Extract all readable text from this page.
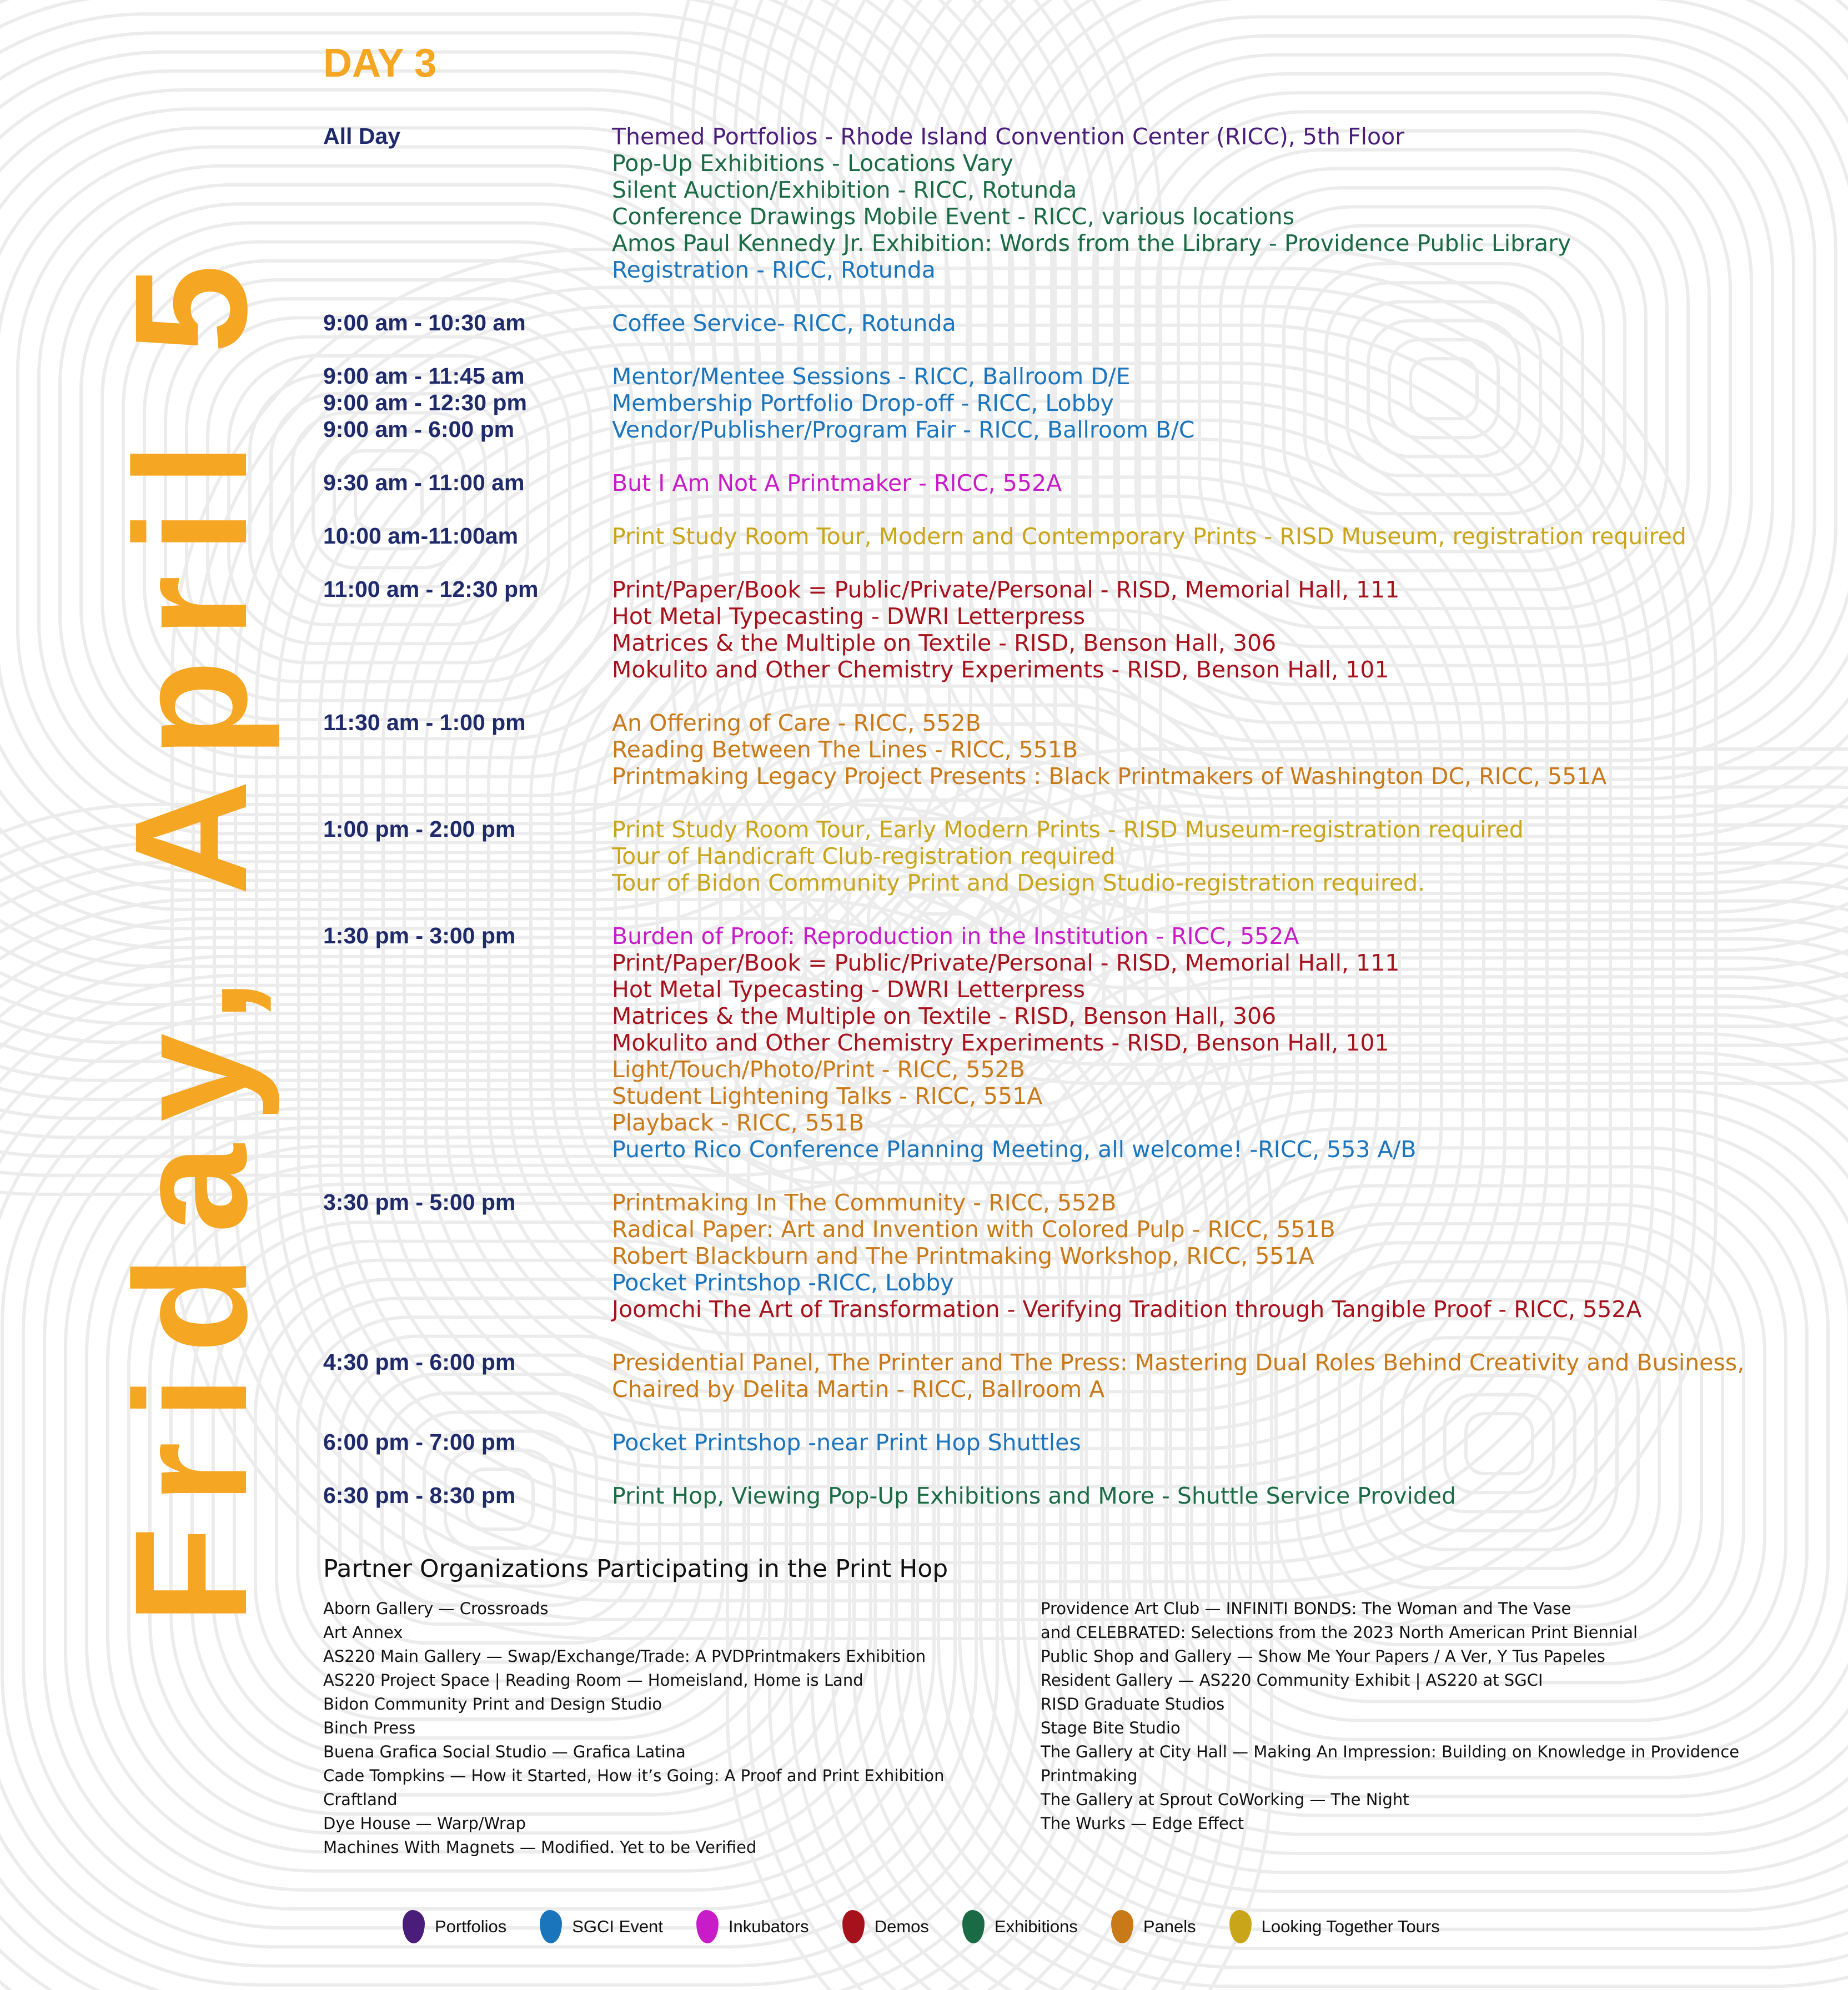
Friday, April 5
DAY 3
All Day	Themed Portfolios - Rhode Island Convention Center (RICC), 5th Floor
Pop-Up Exhibitions - Locations Vary
Silent Auction/Exhibition - RICC, Rotunda
Conference Drawings Mobile Event - RICC, various locations
Amos Paul Kennedy Jr. Exhibition: Words from the Library - Providence Public Library
Registration - RICC, Rotunda
9:00 am - 10:30 am	Coffee Service- RICC, Rotunda
9:00 am - 11:45 am	Mentor/Mentee Sessions - RICC, Ballroom D/E
9:00 am - 12:30 pm	Membership Portfolio Drop-off - RICC, Lobby
9:00 am - 6:00 pm	Vendor/Publisher/Program Fair - RICC, Ballroom B/C
9:30 am - 11:00 am	But I Am Not A Printmaker - RICC, 552A
10:00 am-11:00am	Print Study Room Tour, Modern and Contemporary Prints - RISD Museum, registration required
11:00 am - 12:30 pm	Print/Paper/Book = Public/Private/Personal - RISD, Memorial Hall, 111
Hot Metal Typecasting - DWRI Letterpress
Matrices & the Multiple on Textile - RISD, Benson Hall, 306
Mokulito and Other Chemistry Experiments - RISD, Benson Hall, 101
11:30 am - 1:00 pm	An Offering of Care - RICC, 552B
Reading Between The Lines - RICC, 551B
Printmaking Legacy Project Presents : Black Printmakers of Washington DC, RICC, 551A
1:00 pm - 2:00 pm	Print Study Room Tour, Early Modern Prints - RISD Museum-registration required
Tour of Handicraft Club-registration required
Tour of Bidon Community Print and Design Studio-registration required.
1:30 pm - 3:00 pm	Burden of Proof: Reproduction in the Institution - RICC, 552A
Print/Paper/Book = Public/Private/Personal - RISD, Memorial Hall, 111
Hot Metal Typecasting - DWRI Letterpress
Matrices & the Multiple on Textile - RISD, Benson Hall, 306
Mokulito and Other Chemistry Experiments - RISD, Benson Hall, 101
Light/Touch/Photo/Print - RICC, 552B
Student Lightening Talks - RICC, 551A
Playback - RICC, 551B
Puerto Rico Conference Planning Meeting, all welcome! -RICC, 553 A/B
3:30 pm - 5:00 pm	Printmaking In The Community - RICC, 552B
Radical Paper: Art and Invention with Colored Pulp - RICC, 551B
Robert Blackburn and The Printmaking Workshop, RICC, 551A
Pocket Printshop -RICC, Lobby
Joomchi The Art of Transformation - Verifying Tradition through Tangible Proof - RICC, 552A
4:30 pm - 6:00 pm	Presidential Panel, The Printer and The Press: Mastering Dual Roles Behind Creativity and Business,
Chaired by Delita Martin - RICC, Ballroom A
6:00 pm - 7:00 pm	Pocket Printshop -near Print Hop Shuttles
6:30 pm - 8:30 pm	Print Hop, Viewing Pop-Up Exhibitions and More - Shuttle Service Provided
Partner Organizations Participating in the Print Hop
Aborn Gallery — Crossroads
Art Annex
AS220 Main Gallery — Swap/Exchange/Trade: A PVDPrintmakers Exhibition
AS220 Project Space | Reading Room — Homeisland, Home is Land
Bidon Community Print and Design Studio
Binch Press
Buena Grafica Social Studio — Grafica Latina
Cade Tompkins — How it Started, How it’s Going: A Proof and Print Exhibition
Craftland
Dye House — Warp/Wrap
Machines With Magnets — Modified. Yet to be Verified
Providence Art Club — INFINITI BONDS: The Woman and The Vase
and CELEBRATED: Selections from the 2023 North American Print Biennial
Public Shop and Gallery — Show Me Your Papers / A Ver, Y Tus Papeles
Resident Gallery — AS220 Community Exhibit | AS220 at SGCI
RISD Graduate Studios
Stage Bite Studio
The Gallery at City Hall — Making An Impression: Building on Knowledge in Providence
Printmaking
The Gallery at Sprout CoWorking — The Night
The Wurks — Edge Effect
Portfolios	SGCI Event	Inkubators	Demos	Exhibitions	Panels	Looking Together Tours
